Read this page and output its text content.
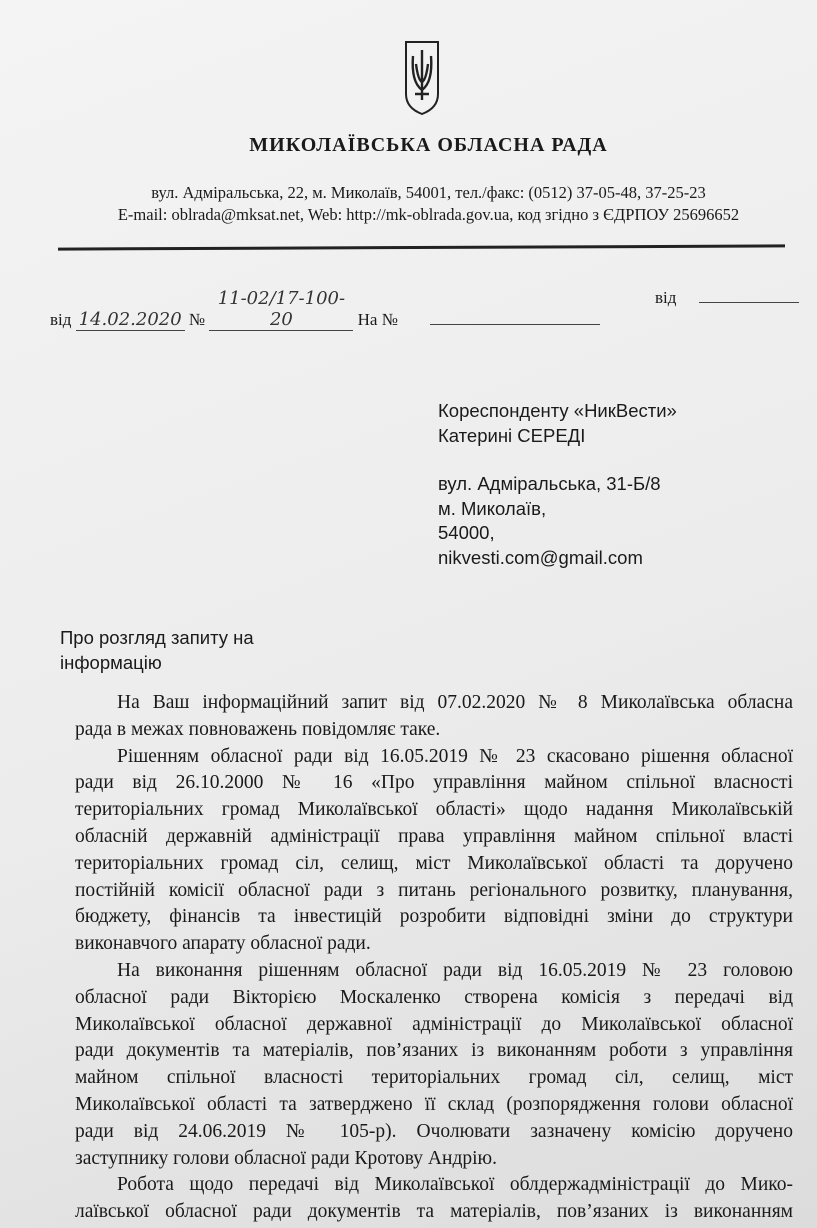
МИКОЛАЇВСЬКА ОБЛАСНА РАДА
вул. Адміральська, 22, м. Миколаїв, 54001, тел./факс: (0512) 37-05-48, 37-25-23
E-mail: oblrada@mksat.net, Web: http://mk-oblrada.gov.ua, код згідно з ЄДРПОУ 25696652
від 14.02.2020 № 11-02/17-100-20	На №
від
Кореспонденту «НикВести»
Катерині СЕРЕДІ
вул. Адміральська, 31-Б/8
м. Миколаїв,
54000,
nikvesti.com@gmail.com
Про розгляд запиту на
інформацію
На Ваш інформаційний запит від 07.02.2020 № 8 Миколаївська обласна
рада в межах повноважень повідомляє таке.
Рішенням обласної ради від 16.05.2019 № 23 скасовано рішення обласної
ради від 26.10.2000 № 16 «Про управління майном спільної власності
територіальних громад Миколаївської області» щодо надання Миколаївській
обласній державній адміністрації права управління майном спільної власті
територіальних громад сіл, селищ, міст Миколаївської області та доручено
постійній комісії обласної ради з питань регіонального розвитку, планування,
бюджету, фінансів та інвестицій розробити відповідні зміни до структури
виконавчого апарату обласної ради.
На виконання рішенням обласної ради від 16.05.2019 № 23 головою
обласної ради Вікторією Москаленко створена комісія з передачі від
Миколаївської обласної державної адміністрації до Миколаївської обласної
ради документів та матеріалів, пов’язаних із виконанням роботи з управління
майном спільної власності територіальних громад сіл, селищ, міст
Миколаївської області та затверджено її склад (розпорядження голови обласної
ради від 24.06.2019 № 105-р). Очолювати зазначену комісію доручено
заступнику голови обласної ради Кротову Андрію.
Робота щодо передачі від Миколаївської облдержадміністрації до Мико-
лаївської обласної ради документів та матеріалів, пов’язаних із виконанням
